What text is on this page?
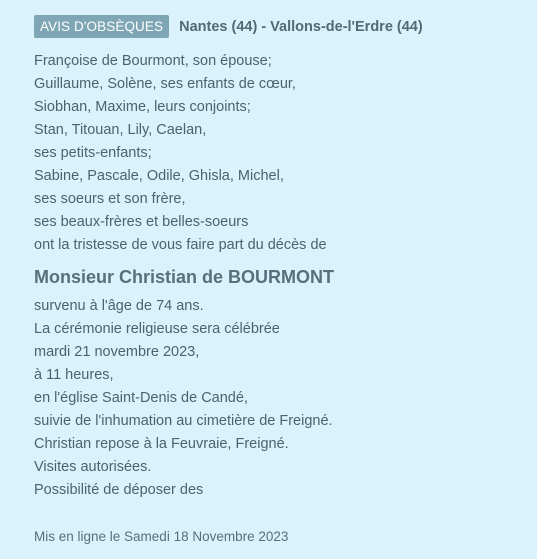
AVIS D'OBSÈQUES	Nantes (44) - Vallons-de-l'Erdre (44)
Françoise de Bourmont, son épouse;
Guillaume, Solène, ses enfants de cœur,
Siobhan, Maxime, leurs conjoints;
Stan, Titouan, Lily, Caelan,
ses petits-enfants;
Sabine, Pascale, Odile, Ghisla, Michel,
ses soeurs et son frère,
ses beaux-frères et belles-soeurs
ont la tristesse de vous faire part du décès de
Monsieur Christian de BOURMONT
survenu à l'âge de 74 ans.
La cérémonie religieuse sera célébrée
mardi 21 novembre 2023,
à 11 heures,
en l'église Saint-Denis de Candé,
suivie de l'inhumation au cimetière de Freigné.
Christian repose à la Feuvraie, Freigné.
Visites autorisées.
Possibilité de déposer des
Mis en ligne le Samedi 18 Novembre 2023
